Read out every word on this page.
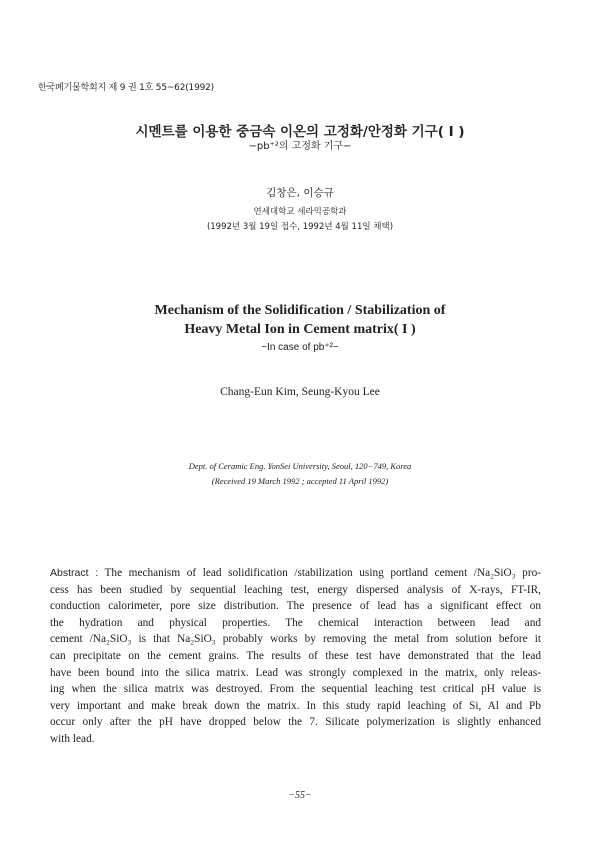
한국폐기물학회지 제 9 권 1호 55~62(1992)
시멘트를 이용한 중금속 이온의 고정화/안정화 기구( I )
−pb⁺²의 고정화 기구−
김창은, 이승규
연세대학교 세라믹공학과
(1992년 3월 19일 접수, 1992년 4월 11일 채택)
Mechanism of the Solidification / Stabilization of
Heavy Metal Ion in Cement matrix( I )
−In case of pb⁺²−
Chang-Eun Kim, Seung-Kyou Lee
Dept. of Ceramic Eng. YonSei University, Seoul, 120−749, Korea
(Received 19 March 1992 ; accepted 11 April 1992)
Abstract : The mechanism of lead solidification /stabilization using portland cement /Na₂SiO₃ pro-
cess has been studied by sequential leaching test, energy dispersed analysis of X-rays, FT-IR,
conduction calorimeter, pore size distribution. The presence of lead has a significant effect on
the hydration and physical properties. The chemical interaction between lead and
cement /Na₂SiO₃ is that Na₂SiO₃ probably works by removing the metal from solution before it
can precipitate on the cement grains. The results of these test have demonstrated that the lead
have been bound into the silica matrix. Lead was strongly complexed in the matrix, only releas-
ing when the silica matrix was destroyed. From the sequential leaching test critical pH value is
very important and make break down the matrix. In this study rapid leaching of Si, Al and Pb
occur only after the pH have dropped below the 7. Silicate polymerization is slightly enhanced
with lead.
−55−
